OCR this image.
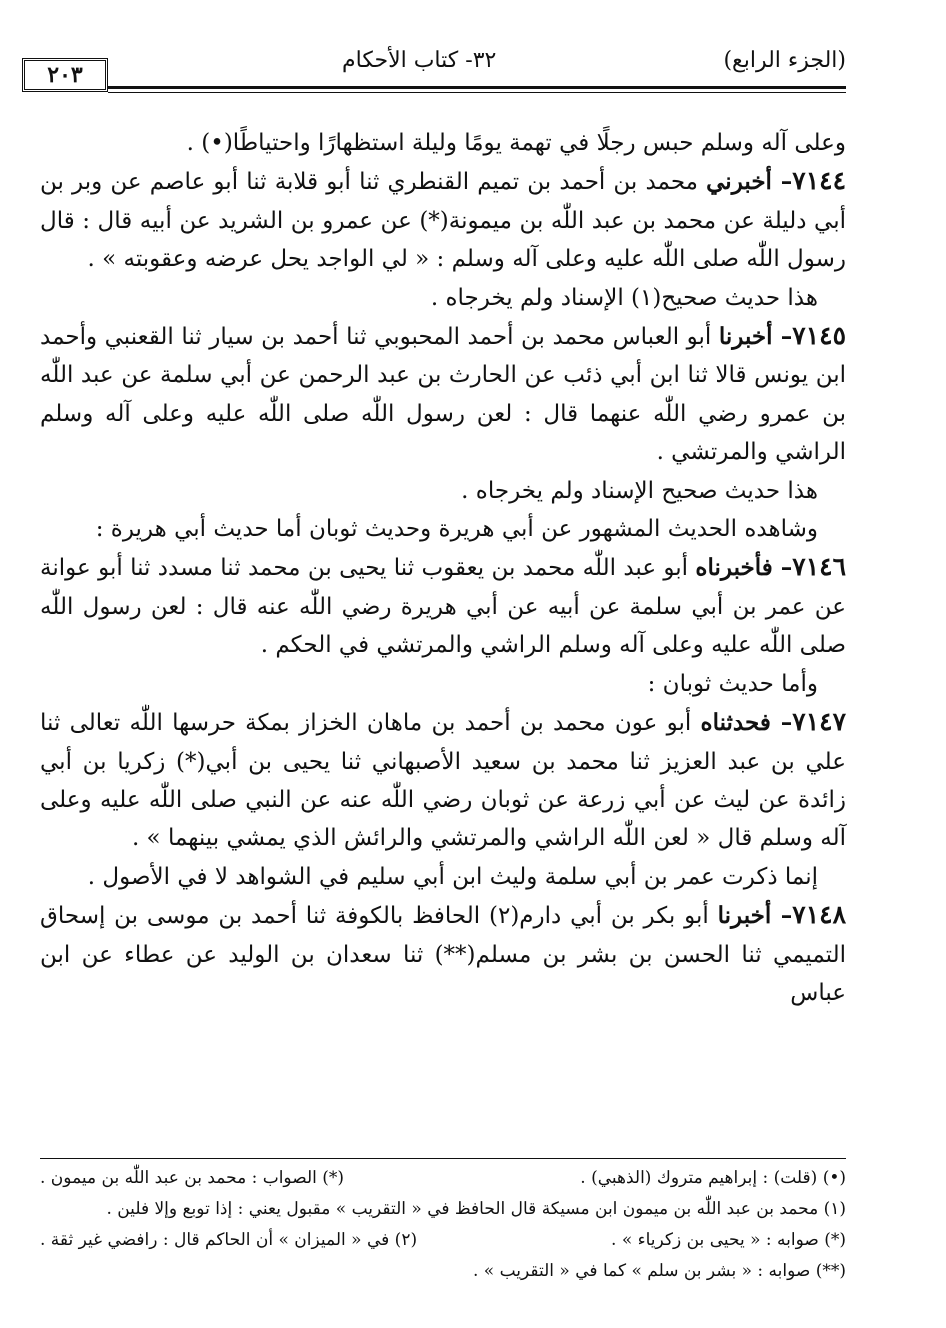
(الجزء الرابع)
٣٢- كتاب الأحكام
٢٠٣

وعلى آله وسلم حبس رجلًا في تهمة يومًا وليلة استظهارًا واحتياطًا(•) .

٧١٤٤– أخبرني محمد بن أحمد بن تميم القنطري ثنا أبو قلابة ثنا أبو عاصم عن وبر بن أبي دليلة عن محمد بن عبد اللّٰه بن ميمونة(*) عن عمرو بن الشريد عن أبيه قال : قال رسول اللّٰه صلى اللّٰه عليه وعلى آله وسلم : « لي الواجد يحل عرضه وعقوبته » .

هذا حديث صحيح(١) الإسناد ولم يخرجاه .

٧١٤٥– أخبرنا أبو العباس محمد بن أحمد المحبوبي ثنا أحمد بن سيار ثنا القعنبي وأحمد ابن يونس قالا ثنا ابن أبي ذئب عن الحارث بن عبد الرحمن عن أبي سلمة عن عبد اللّٰه بن عمرو رضي اللّٰه عنهما قال : لعن رسول اللّٰه صلى اللّٰه عليه وعلى آله وسلم الراشي والمرتشي .

هذا حديث صحيح الإسناد ولم يخرجاه .

وشاهده الحديث المشهور عن أبي هريرة وحديث ثوبان أما حديث أبي هريرة :

٧١٤٦– فأخبرناه أبو عبد اللّٰه محمد بن يعقوب ثنا يحيى بن محمد ثنا مسدد ثنا أبو عوانة عن عمر بن أبي سلمة عن أبيه عن أبي هريرة رضي اللّٰه عنه قال : لعن رسول اللّٰه صلى اللّٰه عليه وعلى آله وسلم الراشي والمرتشي في الحكم .

وأما حديث ثوبان :

٧١٤٧– فحدثناه أبو عون محمد بن أحمد بن ماهان الخزاز بمكة حرسها اللّٰه تعالى ثنا علي بن عبد العزيز ثنا محمد بن سعيد الأصبهاني ثنا يحيى بن أبي(*) زكريا بن أبي زائدة عن ليث عن أبي زرعة عن ثوبان رضي اللّٰه عنه عن النبي صلى اللّٰه عليه وعلى آله وسلم قال « لعن اللّٰه الراشي والمرتشي والرائش الذي يمشي بينهما » .

إنما ذكرت عمر بن أبي سلمة وليث ابن أبي سليم في الشواهد لا في الأصول .

٧١٤٨– أخبرنا أبو بكر بن أبي دارم(٢) الحافظ بالكوفة ثنا أحمد بن موسى بن إسحاق التميمي ثنا الحسن بن بشر بن مسلم(**) ثنا سعدان بن الوليد عن عطاء عن ابن عباس

(•) (قلت) : إبراهيم متروك (الذهبي) .
(*) الصواب : محمد بن عبد اللّٰه بن ميمون .
(١) محمد بن عبد اللّٰه بن ميمون ابن مسيكة قال الحافظ في « التقريب » مقبول يعني : إذا توبع وإلا فلين .
(*) صوابه : « يحيى بن زكرياء » .
(٢) في « الميزان » أن الحاكم قال : رافضي غير ثقة .
(**) صوابه : « بشر بن سلم » كما في « التقريب » .
